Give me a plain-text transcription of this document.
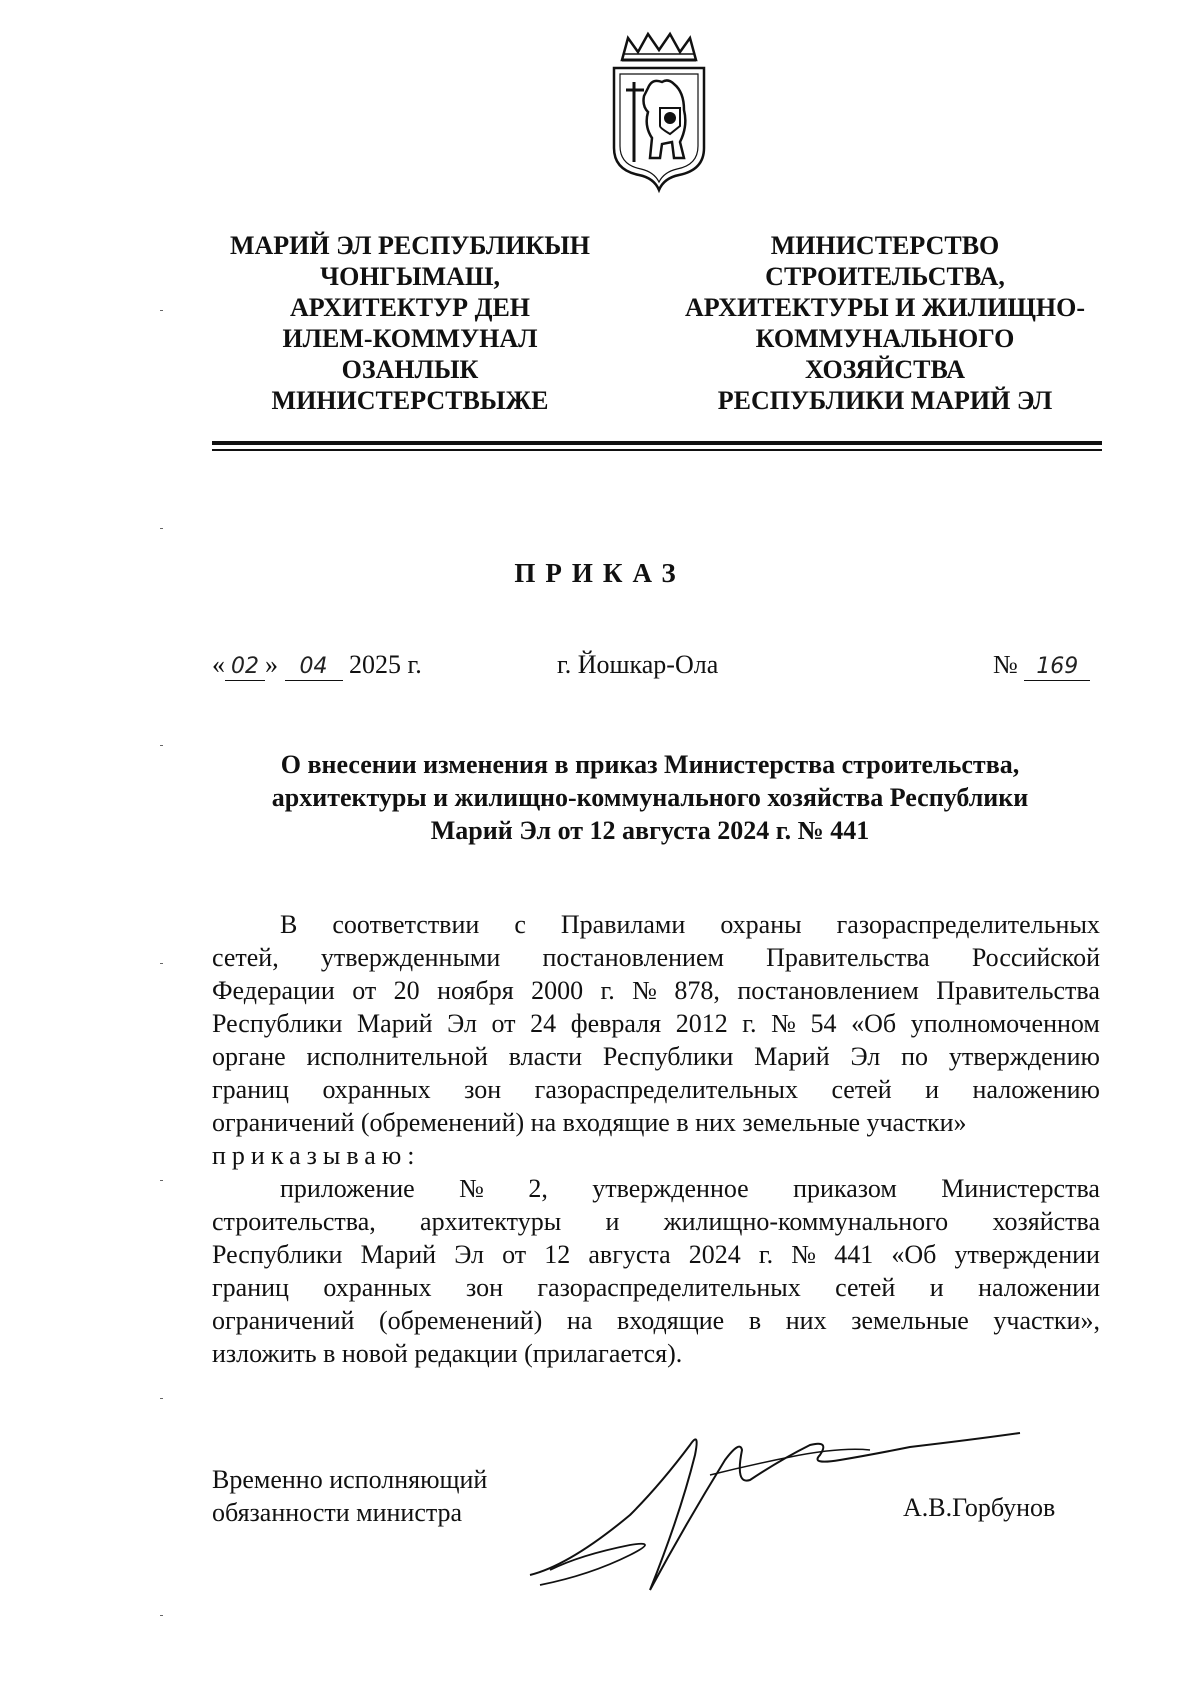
МАРИЙ ЭЛ РЕСПУБЛИКЫН
ЧОНГЫМАШ,
АРХИТЕКТУР ДЕН
ИЛЕМ-КОММУНАЛ
ОЗАНЛЫК
МИНИСТЕРСТВЫЖЕ
МИНИСТЕРСТВО
СТРОИТЕЛЬСТВА,
АРХИТЕКТУРЫ И ЖИЛИЩНО-
КОММУНАЛЬНОГО
ХОЗЯЙСТВА
РЕСПУБЛИКИ МАРИЙ ЭЛ
ПРИКАЗ
« 02 » 04 2025 г.	г. Йошкар-Ола	№ 169
О внесении изменения в приказ Министерства строительства,
архитектуры и жилищно-коммунального хозяйства Республики
Марий Эл от 12 августа 2024 г. № 441
В соответствии с Правилами охраны газораспределительных
сетей, утвержденными постановлением Правительства Российской
Федерации от 20 ноября 2000 г. № 878, постановлением Правительства
Республики Марий Эл от 24 февраля 2012 г. № 54 «Об уполномоченном
органе исполнительной власти Республики Марий Эл по утверждению
границ охранных зон газораспределительных сетей и наложению
ограничений (обременений) на входящие в них земельные участки»
приказываю:
приложение № 2, утвержденное приказом Министерства
строительства, архитектуры и жилищно-коммунального хозяйства
Республики Марий Эл от 12 августа 2024 г. № 441 «Об утверждении
границ охранных зон газораспределительных сетей и наложении
ограничений (обременений) на входящие в них земельные участки»,
изложить в новой редакции (прилагается).
Временно исполняющий
обязанности министра	А.В.Горбунов
